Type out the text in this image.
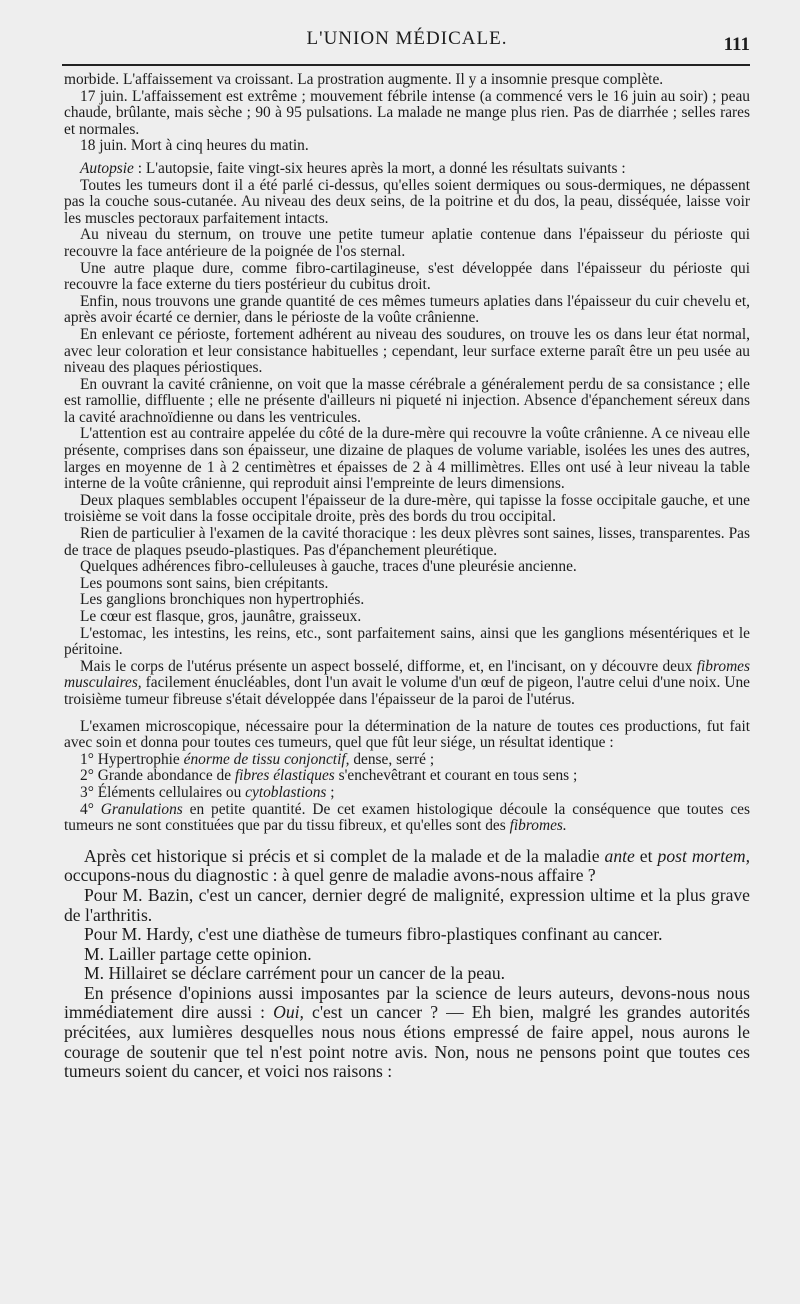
L'UNION MÉDICALE.	111

morbide. L'affaissement va croissant. La prostration augmente. Il y a insomnie presque complète.

17 juin. L'affaissement est extrême ; mouvement fébrile intense (a commencé vers le 16 juin au soir) ; peau chaude, brûlante, mais sèche ; 90 à 95 pulsations. La malade ne mange plus rien. Pas de diarrhée ; selles rares et normales.

18 juin. Mort à cinq heures du matin.

Autopsie : L'autopsie, faite vingt-six heures après la mort, a donné les résultats suivants :

Toutes les tumeurs dont il a été parlé ci-dessus, qu'elles soient dermiques ou sous-dermiques, ne dépassent pas la couche sous-cutanée. Au niveau des deux seins, de la poitrine et du dos, la peau, disséquée, laisse voir les muscles pectoraux parfaitement intacts.

Au niveau du sternum, on trouve une petite tumeur aplatie contenue dans l'épaisseur du périoste qui recouvre la face antérieure de la poignée de l'os sternal.

Une autre plaque dure, comme fibro-cartilagineuse, s'est développée dans l'épaisseur du périoste qui recouvre la face externe du tiers postérieur du cubitus droit.

Enfin, nous trouvons une grande quantité de ces mêmes tumeurs aplaties dans l'épaisseur du cuir chevelu et, après avoir écarté ce dernier, dans le périoste de la voûte crânienne.

En enlevant ce périoste, fortement adhérent au niveau des soudures, on trouve les os dans leur état normal, avec leur coloration et leur consistance habituelles ; cependant, leur surface externe paraît être un peu usée au niveau des plaques périostiques.

En ouvrant la cavité crânienne, on voit que la masse cérébrale a généralement perdu de sa consistance ; elle est ramollie, diffluente ; elle ne présente d'ailleurs ni piqueté ni injection. Absence d'épanchement séreux dans la cavité arachnoïdienne ou dans les ventricules.

L'attention est au contraire appelée du côté de la dure-mère qui recouvre la voûte crânienne. A ce niveau elle présente, comprises dans son épaisseur, une dizaine de plaques de volume variable, isolées les unes des autres, larges en moyenne de 1 à 2 centimètres et épaisses de 2 à 4 millimètres. Elles ont usé à leur niveau la table interne de la voûte crânienne, qui reproduit ainsi l'empreinte de leurs dimensions.

Deux plaques semblables occupent l'épaisseur de la dure-mère, qui tapisse la fosse occipitale gauche, et une troisième se voit dans la fosse occipitale droite, près des bords du trou occipital.

Rien de particulier à l'examen de la cavité thoracique : les deux plèvres sont saines, lisses, transparentes. Pas de trace de plaques pseudo-plastiques. Pas d'épanchement pleurétique.

Quelques adhérences fibro-celluleuses à gauche, traces d'une pleurésie ancienne.

Les poumons sont sains, bien crépitants.

Les ganglions bronchiques non hypertrophiés.

Le cœur est flasque, gros, jaunâtre, graisseux.

L'estomac, les intestins, les reins, etc., sont parfaitement sains, ainsi que les ganglions mésentériques et le péritoine.

Mais le corps de l'utérus présente un aspect bosselé, difforme, et, en l'incisant, on y découvre deux fibromes musculaires, facilement énucléables, dont l'un avait le volume d'un œuf de pigeon, l'autre celui d'une noix. Une troisième tumeur fibreuse s'était développée dans l'épaisseur de la paroi de l'utérus.

L'examen microscopique, nécessaire pour la détermination de la nature de toutes ces productions, fut fait avec soin et donna pour toutes ces tumeurs, quel que fût leur siége, un résultat identique :

1° Hypertrophie énorme de tissu conjonctif, dense, serré ;

2° Grande abondance de fibres élastiques s'enchevêtrant et courant en tous sens ;

3° Éléments cellulaires ou cytoblastions ;

4° Granulations en petite quantité. De cet examen histologique découle la conséquence que toutes ces tumeurs ne sont constituées que par du tissu fibreux, et qu'elles sont des fibromes.

Après cet historique si précis et si complet de la malade et de la maladie ante et post mortem, occupons-nous du diagnostic : à quel genre de maladie avons-nous affaire ?

Pour M. Bazin, c'est un cancer, dernier degré de malignité, expression ultime et la plus grave de l'arthritis.

Pour M. Hardy, c'est une diathèse de tumeurs fibro-plastiques confinant au cancer.

M. Lailler partage cette opinion.

M. Hillairet se déclare carrément pour un cancer de la peau.

En présence d'opinions aussi imposantes par la science de leurs auteurs, devons-nous nous immédiatement dire aussi : Oui, c'est un cancer ? — Eh bien, malgré les grandes autorités précitées, aux lumières desquelles nous nous étions empressé de faire appel, nous aurons le courage de soutenir que tel n'est point notre avis. Non, nous ne pensons point que toutes ces tumeurs soient du cancer, et voici nos raisons :
